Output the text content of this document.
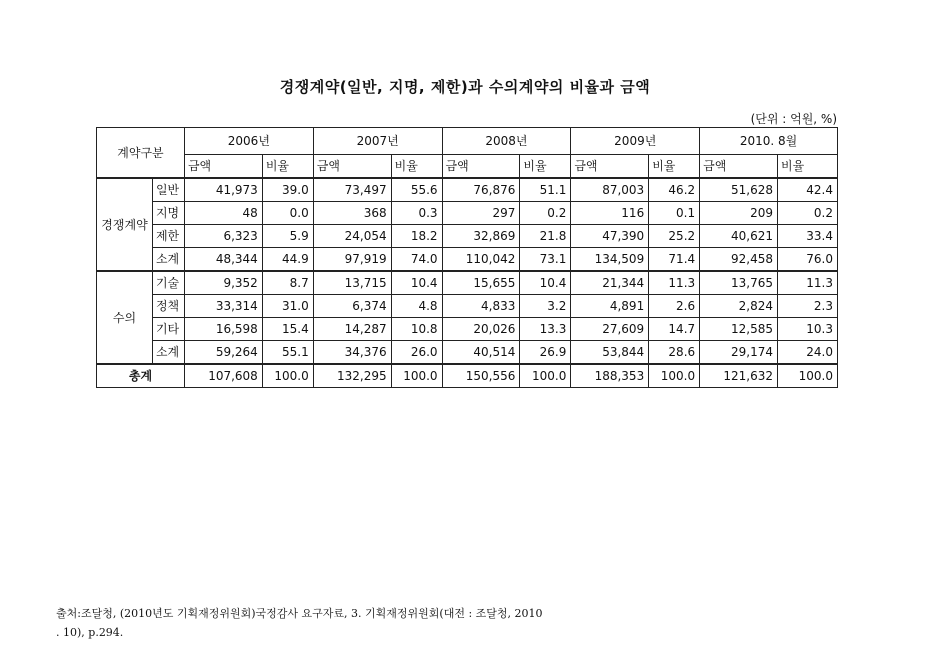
경쟁계약(일반, 지명, 제한)과 수의계약의 비율과 금액
(단위 : 억원, %)
계약구분		2006년		2007년		2008년		2009년		2010. 8월	
		금액	비율	금액	비율	금액	비율	금액	비율	금액	비율
경쟁계약	일반	41,973	39.0	73,497	55.6	76,876	51.1	87,003	46.2	51,628	42.4
	지명	48	0.0	368	0.3	297	0.2	116	0.1	209	0.2
	제한	6,323	5.9	24,054	18.2	32,869	21.8	47,390	25.2	40,621	33.4
	소계	48,344	44.9	97,919	74.0	110,042	73.1	134,509	71.4	92,458	76.0
수의	기술	9,352	8.7	13,715	10.4	15,655	10.4	21,344	11.3	13,765	11.3
	정책	33,314	31.0	6,374	4.8	4,833	3.2	4,891	2.6	2,824	2.3
	기타	16,598	15.4	14,287	10.8	20,026	13.3	27,609	14.7	12,585	10.3
	소계	59,264	55.1	34,376	26.0	40,514	26.9	53,844	28.6	29,174	24.0
총계		107,608	100.0	132,295	100.0	150,556	100.0	188,353	100.0	121,632	100.0
출처:조달청, (2010년도 기획재정위원회)국정감사 요구자료, 3. 기획재정위원회(대전 : 조달청, 2010
. 10), p.294.
